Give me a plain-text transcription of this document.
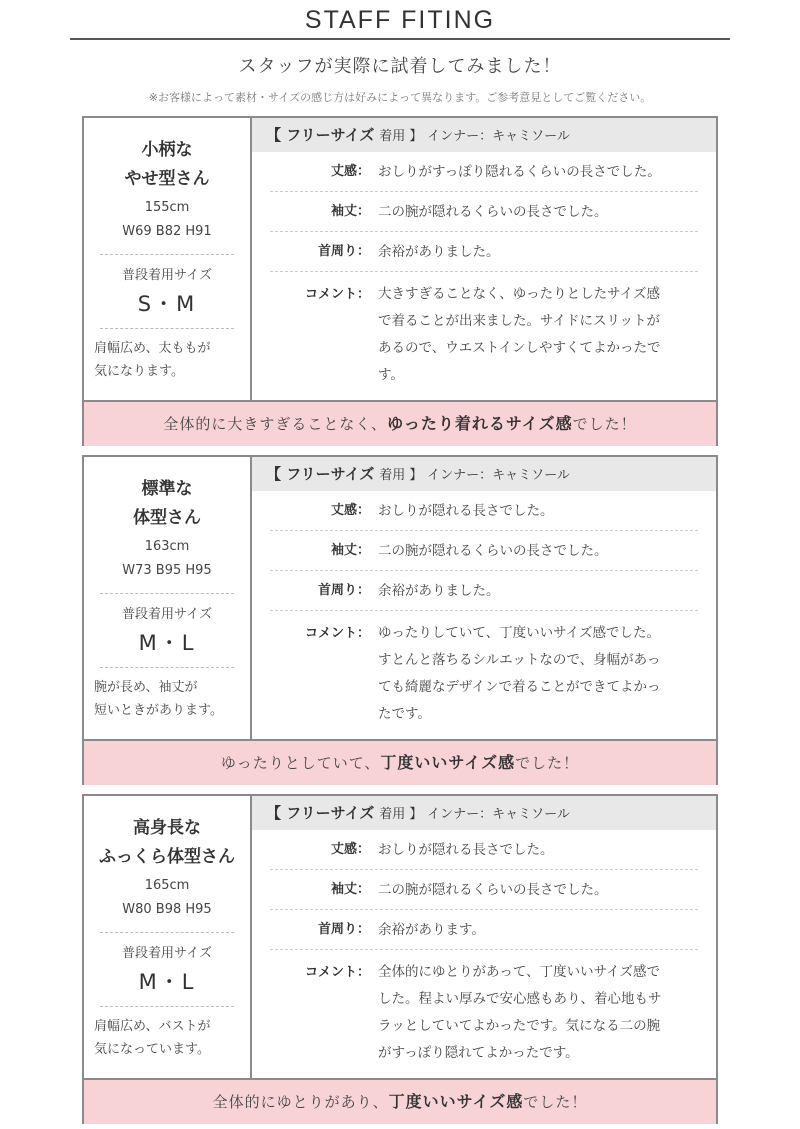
STAFF FITING
スタッフが実際に試着してみました！
※お客様によって素材・サイズの感じ方は好みによって異なります。ご参考意見としてご覧ください。
小柄な
やせ型さん
155cm
W69 B82 H91
普段着用サイズ
S・M
肩幅広め、太ももが
気になります。
【 フリーサイズ 着用 】 インナー：キャミソール
丈感： おしりがすっぽり隠れるくらいの長さでした。
袖丈： 二の腕が隠れるくらいの長さでした。
首周り： 余裕がありました。
コメント： 大きすぎることなく、ゆったりとしたサイズ感
で着ることが出来ました。サイドにスリットが
あるので、ウエストインしやすくてよかったで
す。
全体的に大きすぎることなく、ゆったり着れるサイズ感でした！
標準な
体型さん
163cm
W73 B95 H95
普段着用サイズ
M・L
腕が長め、袖丈が
短いときがあります。
【 フリーサイズ 着用 】 インナー：キャミソール
丈感： おしりが隠れる長さでした。
袖丈： 二の腕が隠れるくらいの長さでした。
首周り： 余裕がありました。
コメント： ゆったりしていて、丁度いいサイズ感でした。
すとんと落ちるシルエットなので、身幅があっ
ても綺麗なデザインで着ることができてよかっ
たです。
ゆったりとしていて、丁度いいサイズ感でした！
高身長な
ふっくら体型さん
165cm
W80 B98 H95
普段着用サイズ
M・L
肩幅広め、バストが
気になっています。
【 フリーサイズ 着用 】 インナー：キャミソール
丈感： おしりが隠れる長さでした。
袖丈： 二の腕が隠れるくらいの長さでした。
首周り： 余裕があります。
コメント： 全体的にゆとりがあって、丁度いいサイズ感で
した。程よい厚みで安心感もあり、着心地もサ
ラッとしていてよかったです。気になる二の腕
がすっぽり隠れてよかったです。
全体的にゆとりがあり、丁度いいサイズ感でした！
